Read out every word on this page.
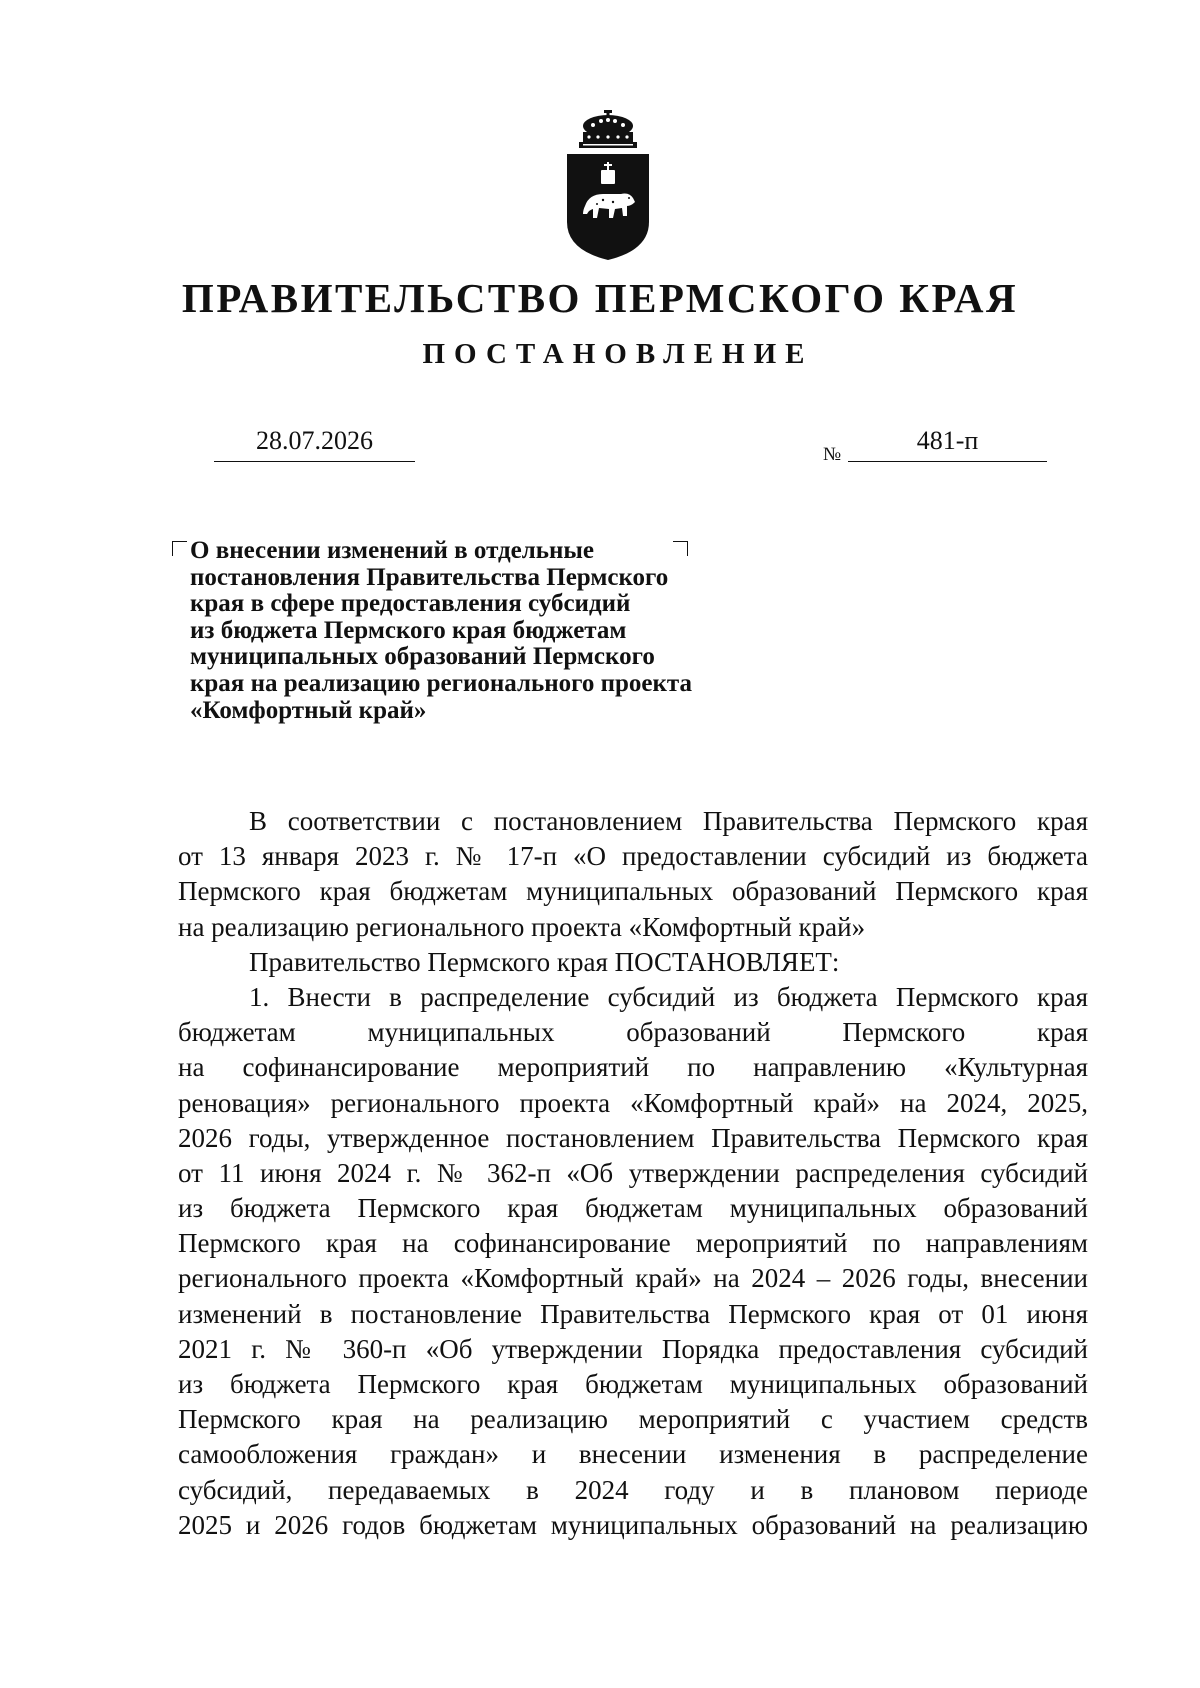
ПРАВИТЕЛЬСТВО ПЕРМСКОГО КРАЯ
ПОСТАНОВЛЕНИЕ
28.07.2026	№	481-п
О внесении изменений в отдельные
постановления Правительства Пермского
края в сфере предоставления субсидий
из бюджета Пермского края бюджетам
муниципальных образований Пермского
края на реализацию регионального проекта
«Комфортный край»
В соответствии с постановлением Правительства Пермского края
от 13 января 2023 г. № 17-п «О предоставлении субсидий из бюджета
Пермского края бюджетам муниципальных образований Пермского края
на реализацию регионального проекта «Комфортный край»
Правительство Пермского края ПОСТАНОВЛЯЕТ:
1. Внести в распределение субсидий из бюджета Пермского края
бюджетам муниципальных образований Пермского края
на софинансирование мероприятий по направлению «Культурная
реновация» регионального проекта «Комфортный край» на 2024, 2025,
2026 годы, утвержденное постановлением Правительства Пермского края
от 11 июня 2024 г. № 362-п «Об утверждении распределения субсидий
из бюджета Пермского края бюджетам муниципальных образований
Пермского края на софинансирование мероприятий по направлениям
регионального проекта «Комфортный край» на 2024 – 2026 годы, внесении
изменений в постановление Правительства Пермского края от 01 июня
2021 г. № 360-п «Об утверждении Порядка предоставления субсидий
из бюджета Пермского края бюджетам муниципальных образований
Пермского края на реализацию мероприятий с участием средств
самообложения граждан» и внесении изменения в распределение
субсидий, передаваемых в 2024 году и в плановом периоде
2025 и 2026 годов бюджетам муниципальных образований на реализацию
